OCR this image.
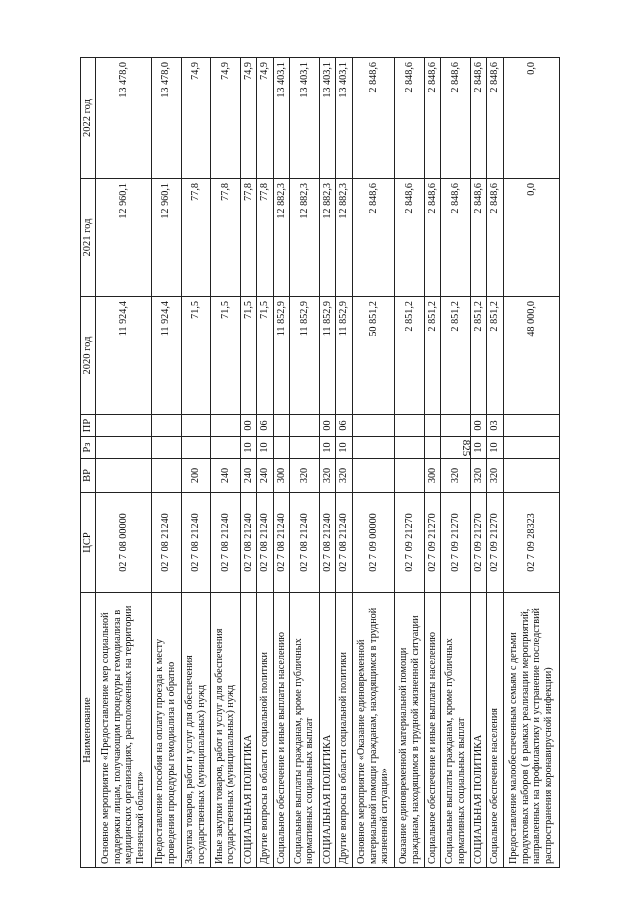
825
Наименование	ЦСР	ВР	Рз	ПР	2020 год	2021 год	2022 год
Основное мероприятие «Предоставление мер социальной поддержки лицам, получающим процедуры гемодиализа в медицинских организациях, расположенных на территории Пензенской области»	02 7 08 00000				11 924,4	12 960,1	13 478,0
Предоставление пособия на оплату проезда к месту проведения процедуры гемодиализа и обратно	02 7 08 21240				11 924,4	12 960,1	13 478,0
Закупка товаров, работ и услуг для обеспечения государственных (муниципальных) нужд	02 7 08 21240	200			71,5	77,8	74,9
Иные закупки товаров, работ и услуг для обеспечения государственных (муниципальных) нужд	02 7 08 21240	240			71,5	77,8	74,9
СОЦИАЛЬНАЯ ПОЛИТИКА	02 7 08 21240	240	10	00	71,5	77,8	74,9
Другие вопросы в области социальной политики	02 7 08 21240	240	10	06	71,5	77,8	74,9
Социальное обеспечение и иные выплаты населению	02 7 08 21240	300			11 852,9	12 882,3	13 403,1
Социальные выплаты гражданам, кроме публичных нормативных социальных выплат	02 7 08 21240	320			11 852,9	12 882,3	13 403,1
СОЦИАЛЬНАЯ ПОЛИТИКА	02 7 08 21240	320	10	00	11 852,9	12 882,3	13 403,1
Другие вопросы в области социальной политики	02 7 08 21240	320	10	06	11 852,9	12 882,3	13 403,1
Основное мероприятие «Оказание единовременной материальной помощи гражданам, находящимся в трудной жизненной ситуации»	02 7 09 00000				50 851,2	2 848,6	2 848,6
Оказание единовременной материальной помощи гражданам, находящимся в трудной жизненной ситуации	02 7 09 21270				2 851,2	2 848,6	2 848,6
Социальное обеспечение и иные выплаты населению	02 7 09 21270	300			2 851,2	2 848,6	2 848,6
Социальные выплаты гражданам, кроме публичных нормативных социальных выплат	02 7 09 21270	320			2 851,2	2 848,6	2 848,6
СОЦИАЛЬНАЯ ПОЛИТИКА	02 7 09 21270	320	10	00	2 851,2	2 848,6	2 848,6
Социальное обеспечение населения	02 7 09 21270	320	10	03	2 851,2	2 848,6	2 848,6
Предоставление малообеспеченным семьям с детьми продуктовых наборов ( в рамках реализации мероприятий, направленных на профилактику и устранение последствий распространения коронавирусной инфекции)	02 7 09 28323				48 000,0	0,0	0,0
